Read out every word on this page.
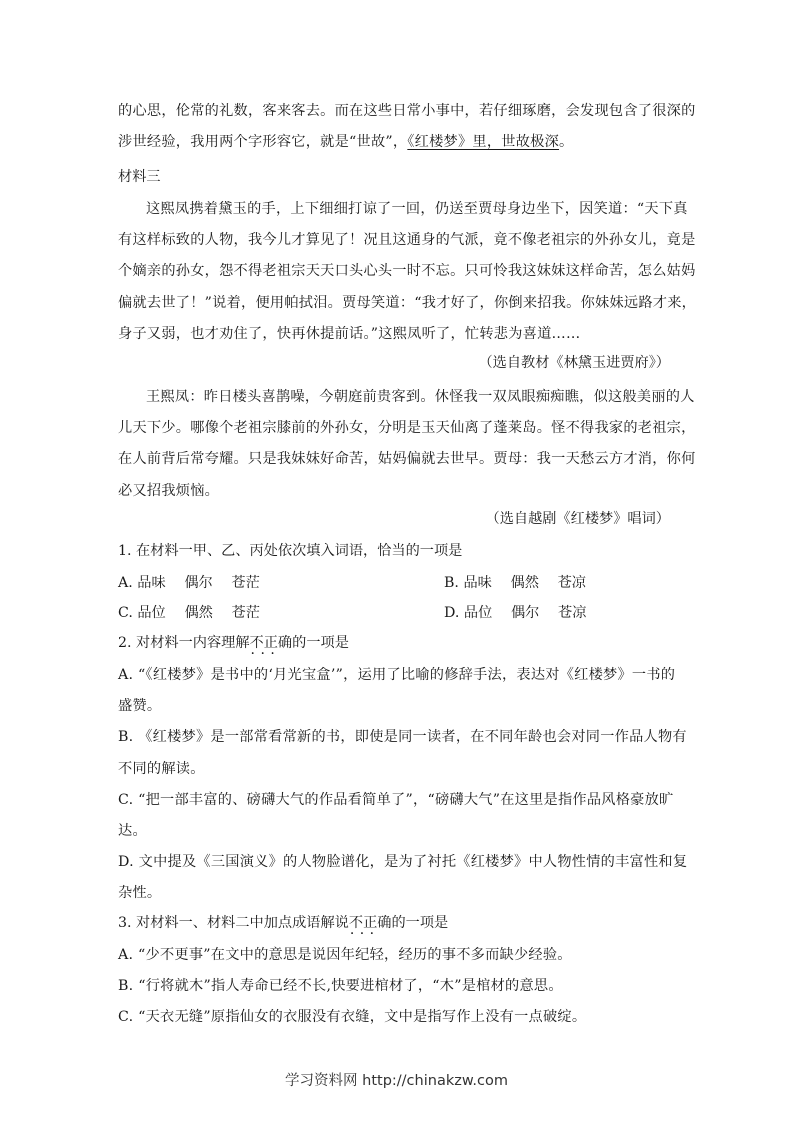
的心思，伦常的礼数，客来客去。而在这些日常小事中，若仔细琢磨，会发现包含了很深的
涉世经验，我用两个字形容它，就是“世故”，《红楼梦》里，世故极深。

材料三

这熙凤携着黛玉的手，上下细细打谅了一回，仍送至贾母身边坐下，因笑道：“天下真
有这样标致的人物，我今儿才算见了！况且这通身的气派，竟不像老祖宗的外孙女儿，竟是
个嫡亲的孙女，怨不得老祖宗天天口头心头一时不忘。只可怜我这妹妹这样命苦，怎么姑妈
偏就去世了！”说着，便用帕拭泪。贾母笑道：“我才好了，你倒来招我。你妹妹远路才来，
身子又弱，也才劝住了，快再休提前话。”这熙凤听了，忙转悲为喜道……

（选自教材《林黛玉进贾府》）

王熙凤：昨日楼头喜鹊噪，今朝庭前贵客到。休怪我一双凤眼痴痴瞧，似这般美丽的人
儿天下少。哪像个老祖宗膝前的外孙女，分明是玉天仙离了蓬莱岛。怪不得我家的老祖宗，
在人前背后常夸耀。只是我妹妹好命苦，姑妈偏就去世早。贾母：我一天愁云方才消，你何
必又招我烦恼。

（选自越剧《红楼梦》唱词）

1. 在材料一甲、乙、丙处依次填入词语，恰当的一项是

A. 品味　 偶尔　 苍茫	B. 品味　 偶然　 苍凉
C. 品位　 偶然　 苍茫	D. 品位　 偶尔　 苍凉

2. 对材料一内容理解不正确 · · ·的一项是

A. “《红楼梦》是书中的‘月光宝盒’”，运用了比喻的修辞手法，表达对《红楼梦》一书的
盛赞。
B. 《红楼梦》是一部常看常新的书，即使是同一读者，在不同年龄也会对同一作品人物有
不同的解读。
C. “把一部丰富的、磅礴大气的作品看简单了”，“磅礴大气”在这里是指作品风格豪放旷
达。
D. 文中提及《三国演义》的人物脸谱化，是为了衬托《红楼梦》中人物性情的丰富性和复
杂性。

3. 对材料一、材料二中加点成语解说不正确 · · ·的一项是

A. “少不更事”在文中的意思是说因年纪轻，经历的事不多而缺少经验。
B. “行将就木”指人寿命已经不长,快要进棺材了，“木”是棺材的意思。
C. “天衣无缝”原指仙女的衣服没有衣缝，文中是指写作上没有一点破绽。
学习资料网 http://chinakzw.com
